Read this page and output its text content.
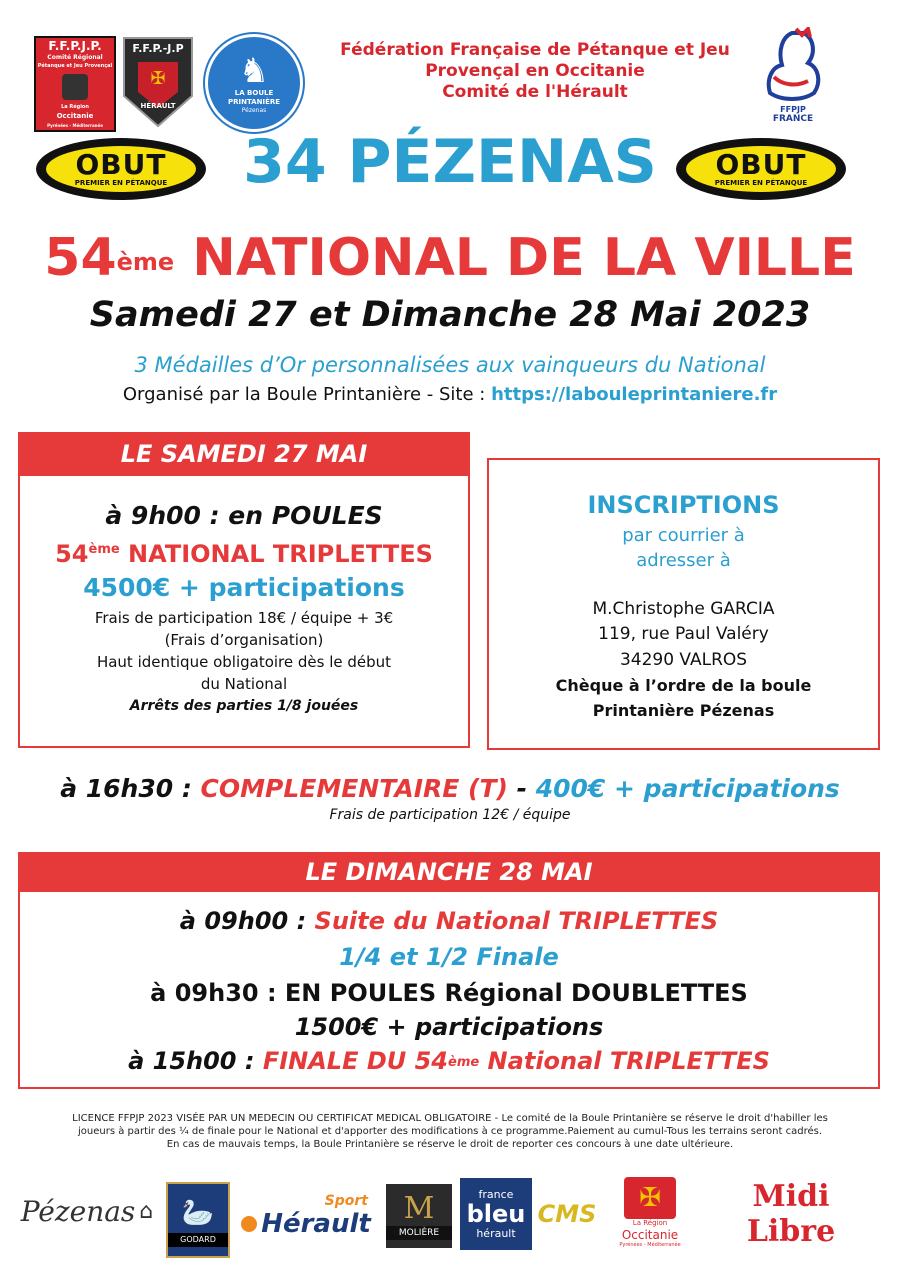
F.F.P.J.P.
Comité Régional
Pétanque et Jeu Provençal
La Région
Occitanie
Pyrénées - Méditerranée
✠
F.F.P.-J.P
HÉRAULT
♞
LA BOULE PRINTANIÈRE
Pézenas
Fédération Française de Pétanque et Jeu
Provençal en Occitanie
Comité de l'Hérault
FFPJP
FRANCE
OBUT
PREMIER EN PÉTANQUE
OBUT
PREMIER EN PÉTANQUE
34 PÉZENAS
54ème NATIONAL DE LA VILLE
Samedi 27 et Dimanche 28 Mai 2023
3 Médailles d’Or personnalisées aux vainqueurs du National
Organisé par la Boule Printanière - Site : https://labouleprintaniere.fr
LE SAMEDI 27 MAI
à 9h00 : en POULES
54ème NATIONAL TRIPLETTES
4500€ + participations
Frais de participation 18€ / équipe + 3€
(Frais d’organisation)
Haut identique obligatoire dès le début
du National
Arrêts des parties 1/8 jouées
INSCRIPTIONS
par courrier à
adresser à
M.Christophe GARCIA
119, rue Paul Valéry
34290 VALROS
Chèque à l’ordre de la boule
Printanière Pézenas
à 16h30 : COMPLEMENTAIRE (T) - 400€ + participations
Frais de participation 12€ / équipe
LE DIMANCHE 28 MAI
à 09h00 : Suite du National TRIPLETTES
1/4 et 1/2 Finale
à 09h30 : EN POULES Régional DOUBLETTES
1500€ + participations
à 15h00 : FINALE DU 54ème National TRIPLETTES
LICENCE FFPJP 2023 VISÉE PAR UN MEDECIN OU CERTIFICAT MEDICAL OBLIGATOIRE - Le comité de la Boule Printanière se réserve le droit d'habiller les
joueurs à partir des ¼ de finale pour le National et d'apporter des modifications à ce programme.Paiement au cumul-Tous les terrains seront cadrés.
En cas de mauvais temps, la Boule Printanière se réserve le droit de reporter ces concours à une date ultérieure.
Pézenas ⌂ 🦢
GODARD
Sport
Hérault M
MOLIÈRE
france
bleu
hérault
CMS
✠
La Région
Occitanie
Pyrénées - Méditerranée
Midi Libre
